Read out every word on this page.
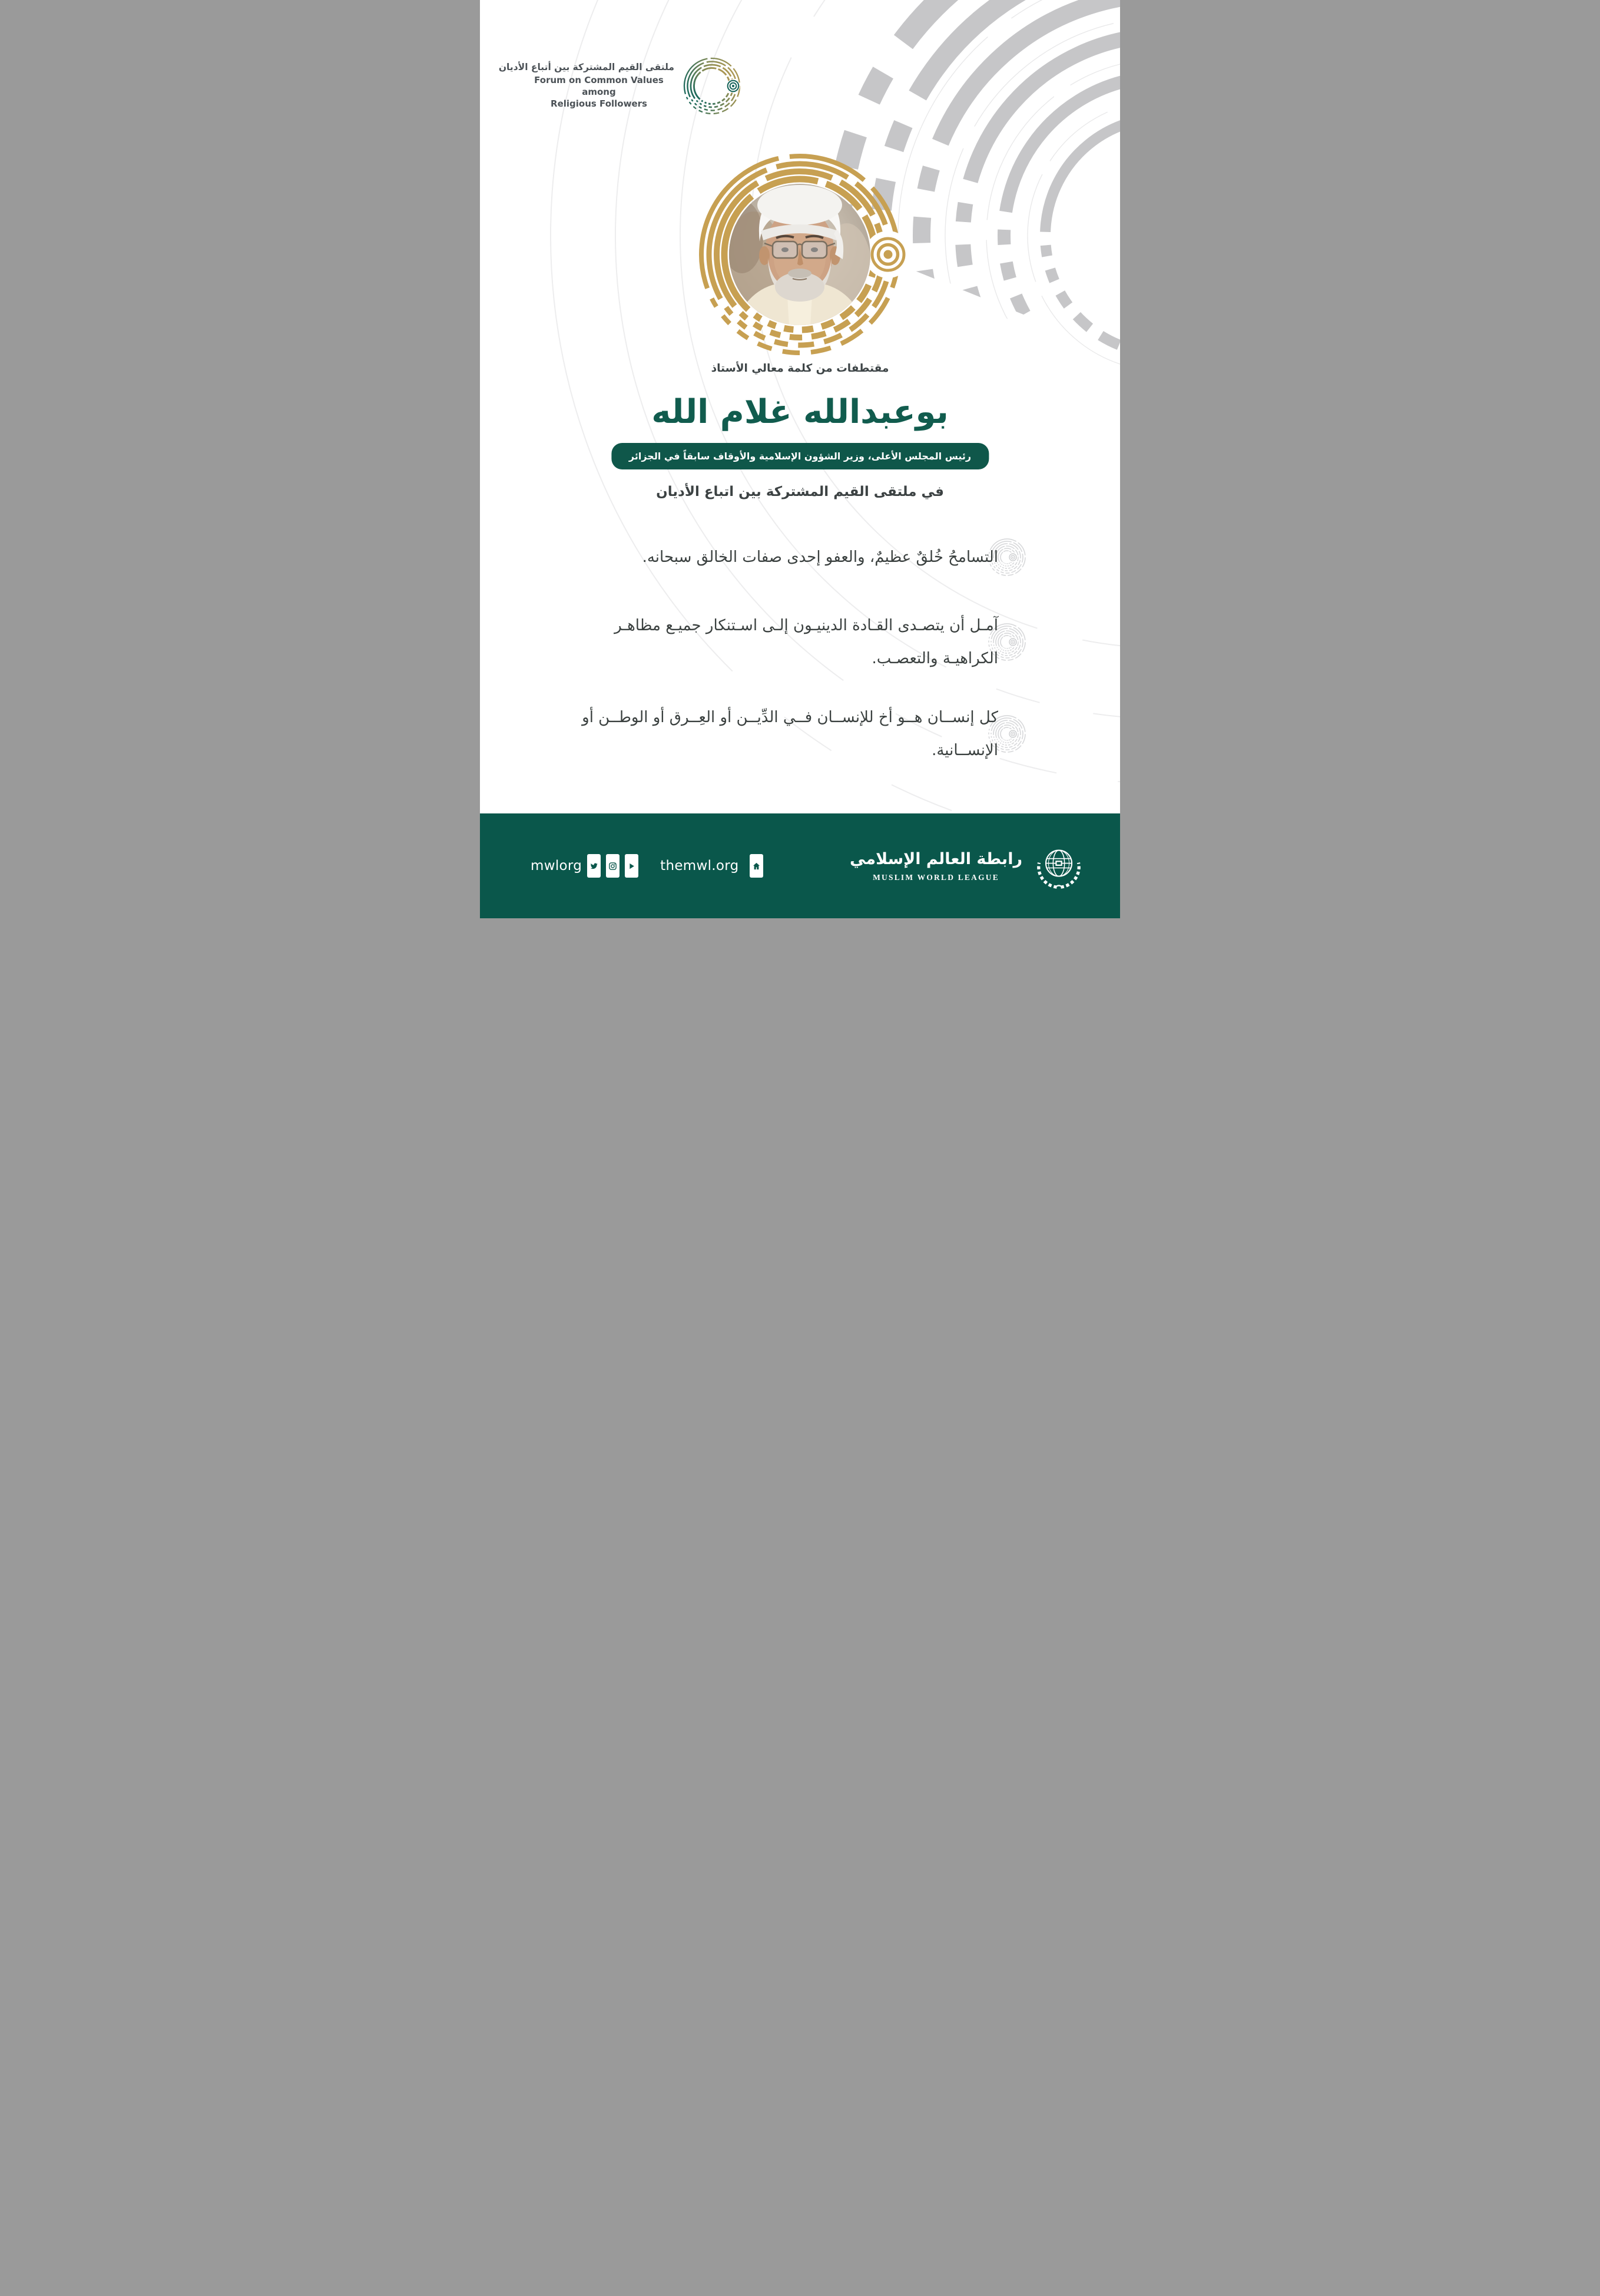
ملتقى القيم المشتركة بين أتباع الأديان
Forum on Common Values among
Religious Followers
مقتطفات من كلمة معالي الأستاذ
بوعبدالله غلام الله
رئيس المجلس الأعلى، وزير الشؤون الإسلامية والأوقاف سابقاً في الجزائر
في ملتقى القيم المشتركة بين اتباع الأديان
التسامحُ خُلقٌ عظيمٌ، والعفو إحدى صفات الخالق سبحانه.
آمـل أن يتصـدى القـادة الدينيـون إلـى اسـتنكار جميـع مظاهـر
الكراهيـة والتعصـب.
كل إنســان هــو أخ للإنســان فــي الدِّيــن أو العِــرق أو الوطــن أو
الإنســانية.
mwlorg	themwl.org	رابطة العالم الإسلامي
MUSLIM WORLD LEAGUE
